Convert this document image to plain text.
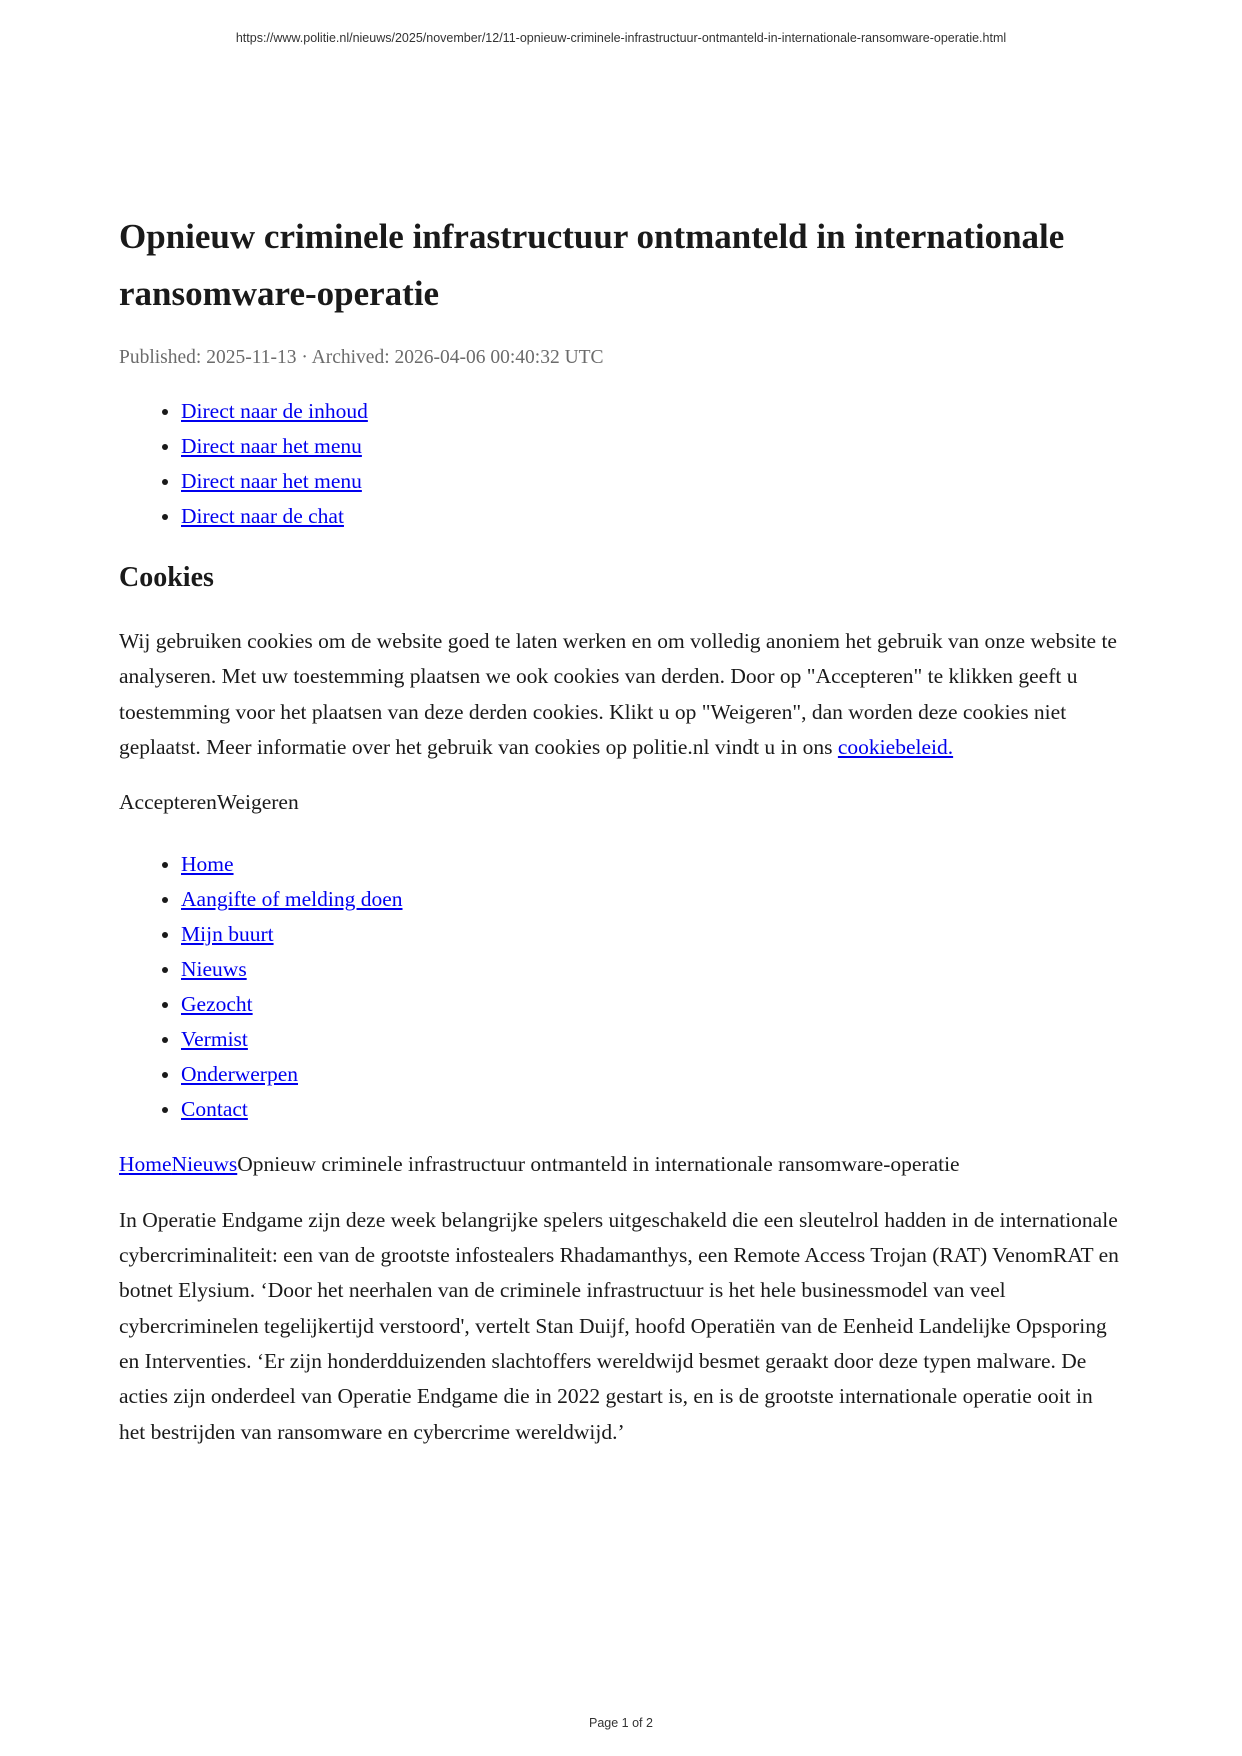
https://www.politie.nl/nieuws/2025/november/12/11-opnieuw-criminele-infrastructuur-ontmanteld-in-internationale-ransomware-operatie.html
Opnieuw criminele infrastructuur ontmanteld in internationale ransomware-operatie
Published: 2025-11-13 · Archived: 2026-04-06 00:40:32 UTC
• Direct naar de inhoud
• Direct naar het menu
• Direct naar het menu
• Direct naar de chat
Cookies

Wij gebruiken cookies om de website goed te laten werken en om volledig anoniem het gebruik van onze website te analyseren. Met uw toestemming plaatsen we ook cookies van derden. Door op "Accepteren" te klikken geeft u toestemming voor het plaatsen van deze derden cookies. Klikt u op "Weigeren", dan worden deze cookies niet geplaatst. Meer informatie over het gebruik van cookies op politie.nl vindt u in ons cookiebeleid.

AccepterenWeigeren

• Home
• Aangifte of melding doen
• Mijn buurt
• Nieuws
• Gezocht
• Vermist
• Onderwerpen
• Contact

HomeNieuwsOpnieuw criminele infrastructuur ontmanteld in internationale ransomware-operatie

In Operatie Endgame zijn deze week belangrijke spelers uitgeschakeld die een sleutelrol hadden in de internationale cybercriminaliteit: een van de grootste infostealers Rhadamanthys, een Remote Access Trojan (RAT) VenomRAT en botnet Elysium. ‘Door het neerhalen van de criminele infrastructuur is het hele businessmodel van veel cybercriminelen tegelijkertijd verstoord', vertelt Stan Duijf, hoofd Operatiën van de Eenheid Landelijke Opsporing en Interventies. ‘Er zijn honderdduizenden slachtoffers wereldwijd besmet geraakt door deze typen malware. De acties zijn onderdeel van Operatie Endgame die in 2022 gestart is, en is de grootste internationale operatie ooit in het bestrijden van ransomware en cybercrime wereldwijd.’

Page 1 of 2
